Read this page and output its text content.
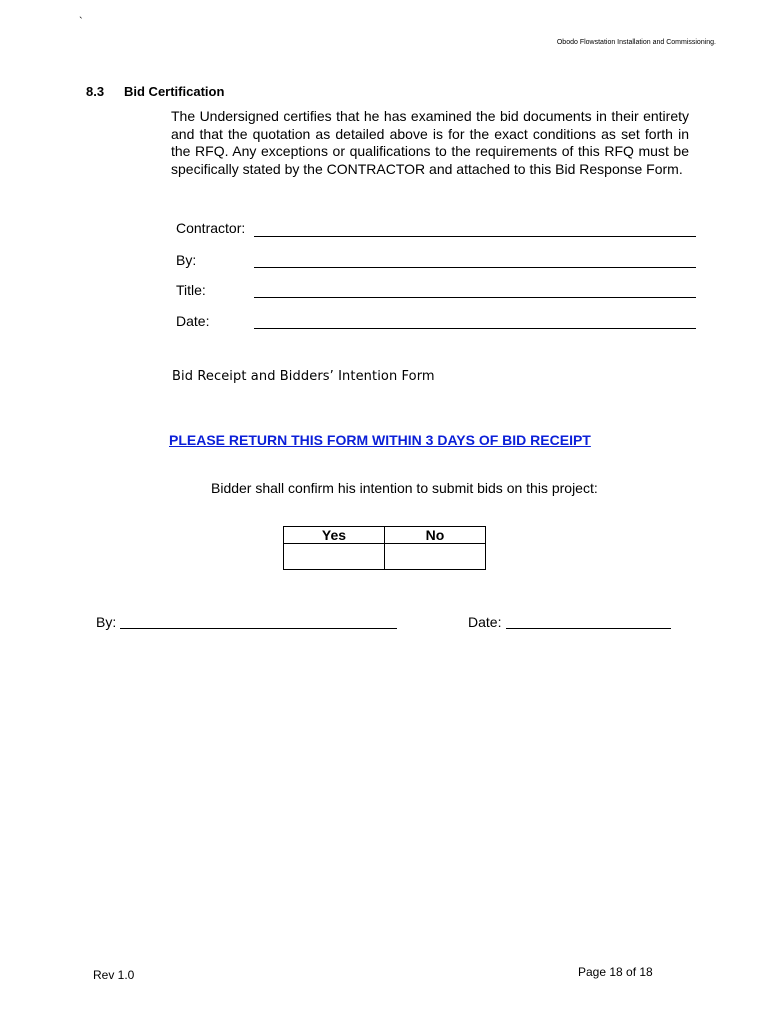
`
Obodo Flowstation Installation and Commissioning.
8.3 Bid Certification
The Undersigned certifies that he has examined the bid documents in their entirety and that the quotation as detailed above is for the exact conditions as set forth in the RFQ. Any exceptions or qualifications to the requirements of this RFQ must be specifically stated by the CONTRACTOR and attached to this Bid Response Form.
Contractor:
By:
Title:
Date:
Bid Receipt and Bidders’ Intention Form
PLEASE RETURN THIS FORM WITHIN 3 DAYS OF BID RECEIPT
Bidder shall confirm his intention to submit bids on this project:
Yes	No

By:	Date:
Rev 1.0	Page 18 of 18
